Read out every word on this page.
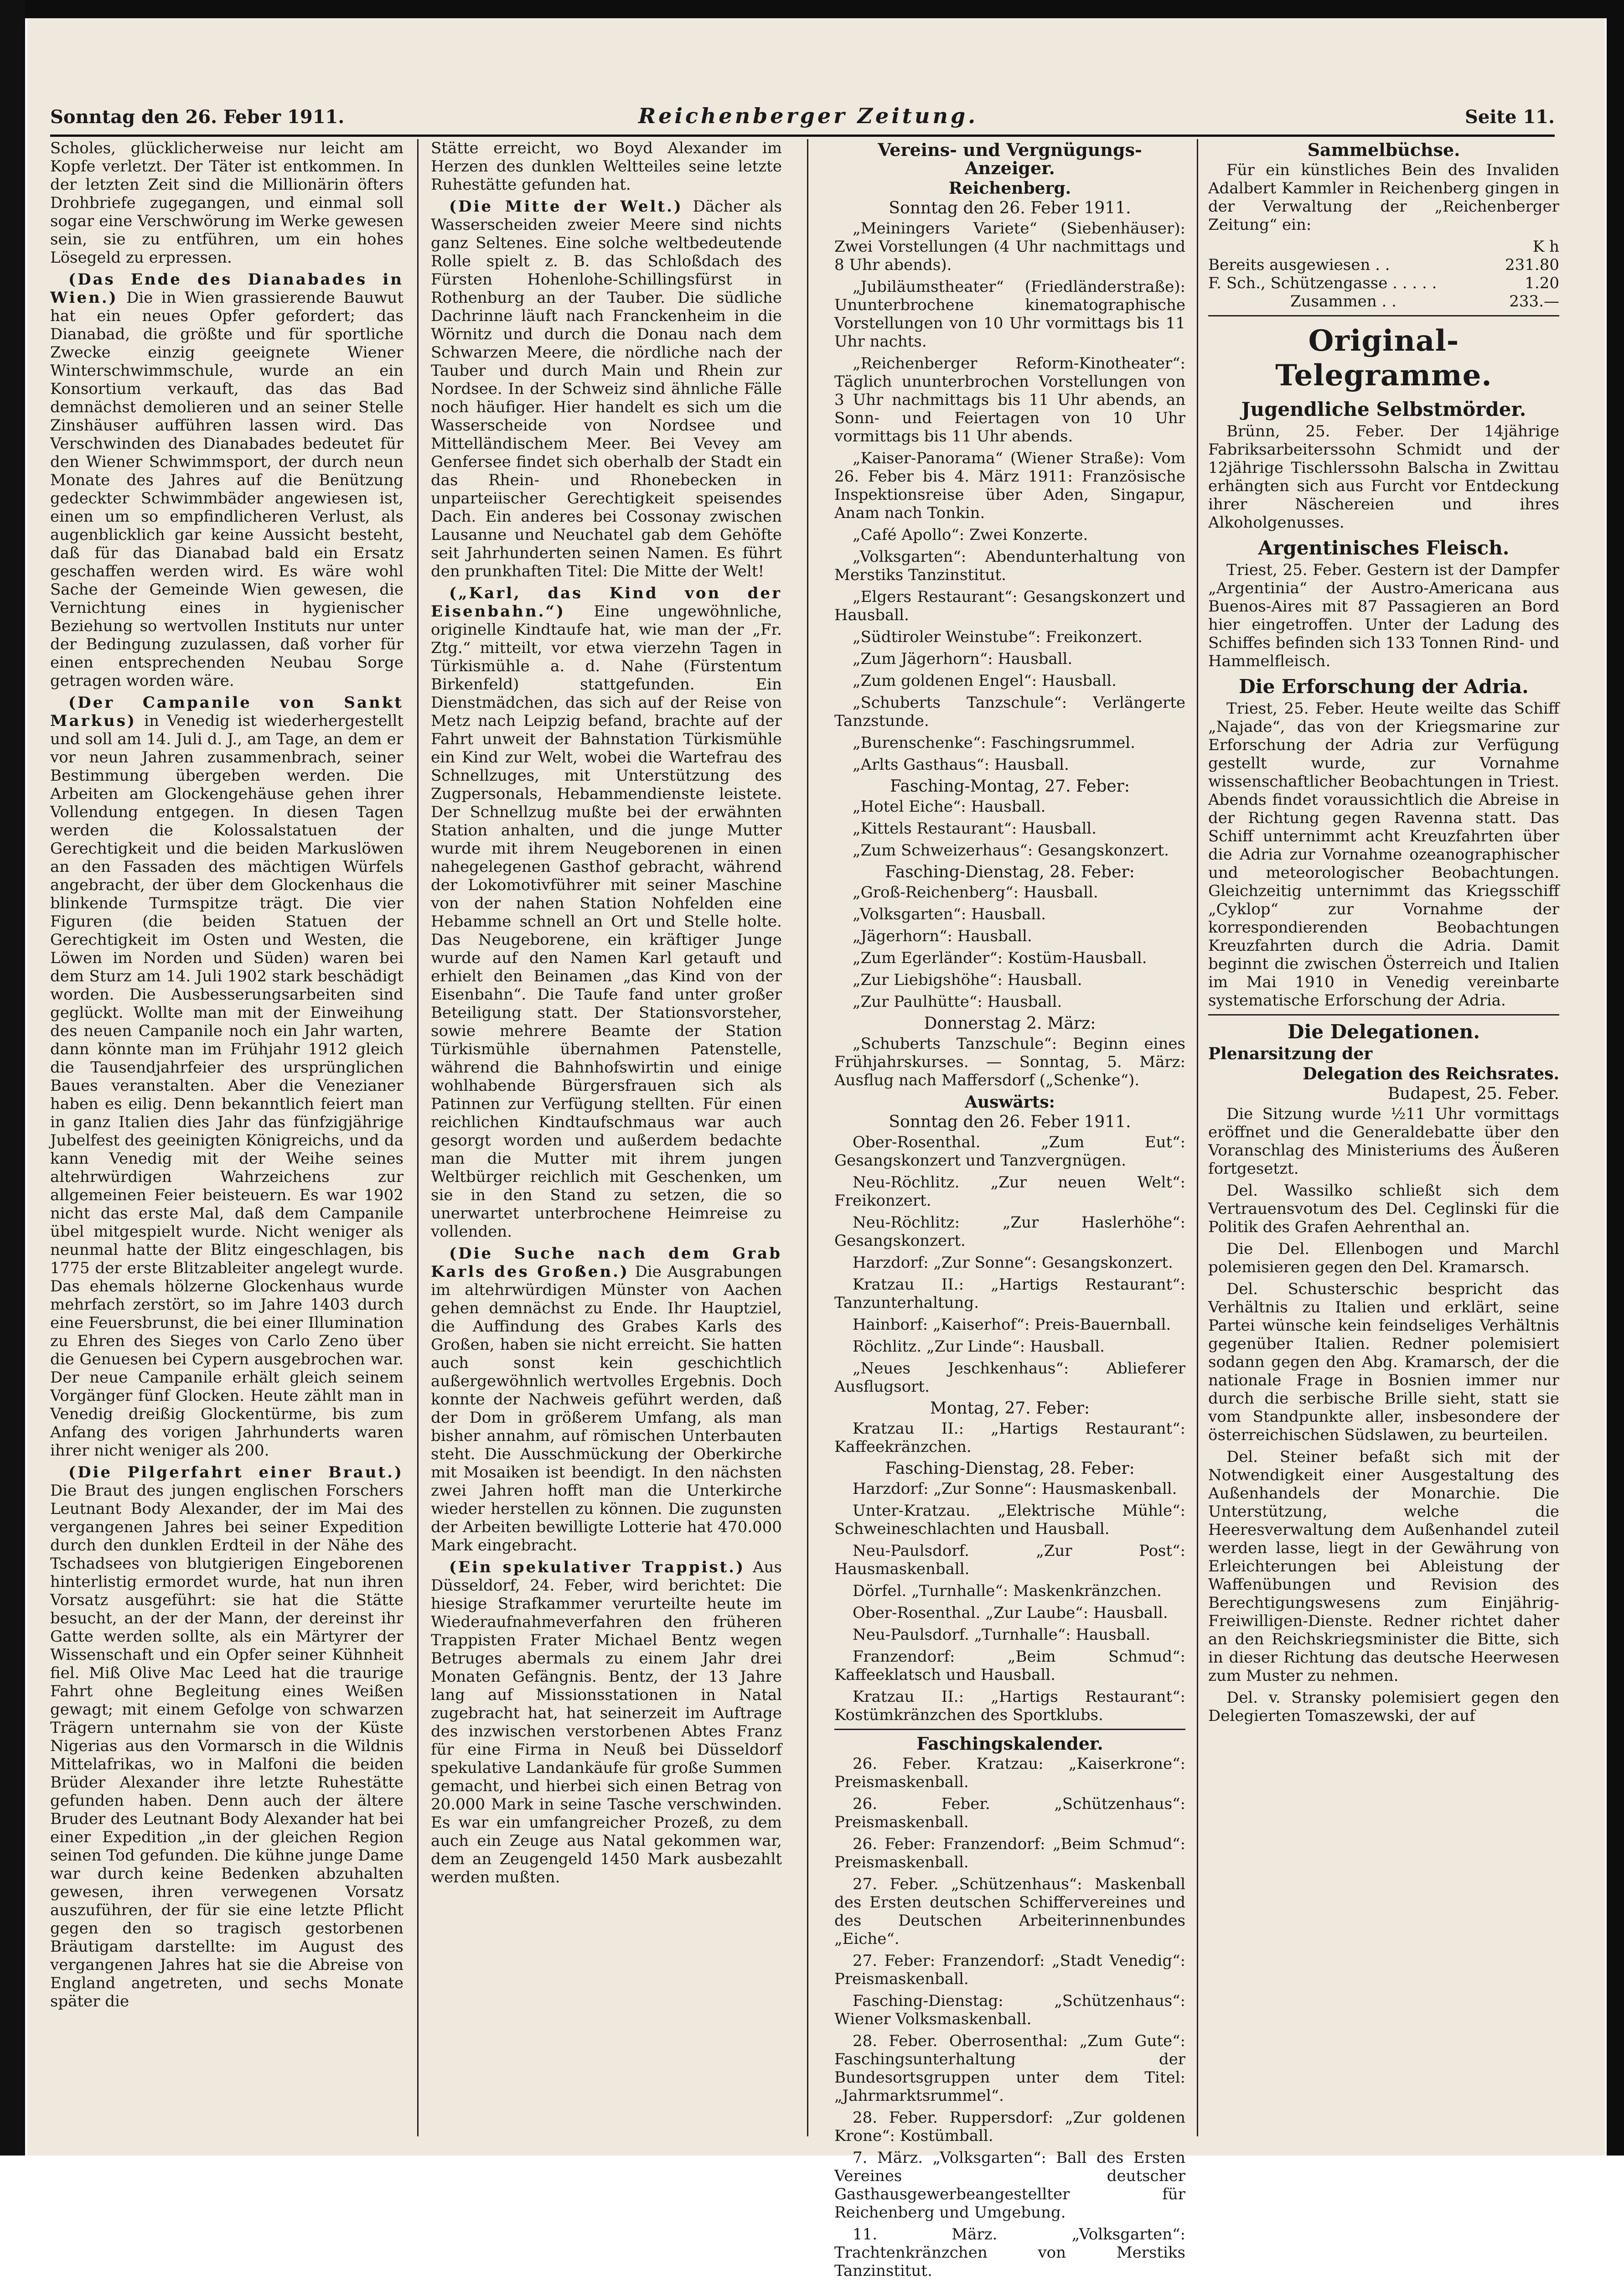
Sonntag den 26. Feber 1911.	Reichenberger Zeitung.	Seite 11.

Scholes, glücklicherweise nur leicht am Kopfe verletzt. Der Täter ist entkommen. In der letzten Zeit sind die Millionärin öfters Drohbriefe zugegangen, und einmal soll sogar eine Verschwörung im Werke gewesen sein, sie zu entführen, um ein hohes Lösegeld zu erpressen.

(Das Ende des Dianabades in Wien.) Die in Wien grassierende Bauwut hat ein neues Opfer gefordert; das Dianabad, die größte und für sportliche Zwecke einzig geeignete Wiener Winterschwimmschule, wurde an ein Konsortium verkauft, das das Bad demnächst demolieren und an seiner Stelle Zinshäuser aufführen lassen wird. Das Verschwinden des Dianabades bedeutet für den Wiener Schwimmsport, der durch neun Monate des Jahres auf die Benützung gedeckter Schwimmbäder angewiesen ist, einen um so empfindlicheren Verlust, als augenblicklich gar keine Aussicht besteht, daß für das Dianabad bald ein Ersatz geschaffen werden wird. Es wäre wohl Sache der Gemeinde Wien gewesen, die Vernichtung eines in hygienischer Beziehung so wertvollen Instituts nur unter der Bedingung zuzulassen, daß vorher für einen entsprechenden Neubau Sorge getragen worden wäre.

(Der Campanile von Sankt Markus) in Venedig ist wiederhergestellt und soll am 14. Juli d. J., am Tage, an dem er vor neun Jahren zusammenbrach, seiner Bestimmung übergeben werden. Die Arbeiten am Glockengehäuse gehen ihrer Vollendung entgegen. In diesen Tagen werden die Kolossalstatuen der Gerechtigkeit und die beiden Markuslöwen an den Fassaden des mächtigen Würfels angebracht, der über dem Glockenhaus die blinkende Turmspitze trägt. Die vier Figuren (die beiden Statuen der Gerechtigkeit im Osten und Westen, die Löwen im Norden und Süden) waren bei dem Sturz am 14. Juli 1902 stark beschädigt worden. Die Ausbesserungsarbeiten sind geglückt. Wollte man mit der Einweihung des neuen Campanile noch ein Jahr warten, dann könnte man im Frühjahr 1912 gleich die Tausendjahrfeier des ursprünglichen Baues veranstalten. Aber die Venezianer haben es eilig. Denn bekanntlich feiert man in ganz Italien dies Jahr das fünfzigjährige Jubelfest des geeinigten Königreichs, und da kann Venedig mit der Weihe seines altehrwürdigen Wahrzeichens zur allgemeinen Feier beisteuern. Es war 1902 nicht das erste Mal, daß dem Campanile übel mitgespielt wurde. Nicht weniger als neunmal hatte der Blitz eingeschlagen, bis 1775 der erste Blitzableiter angelegt wurde. Das ehemals hölzerne Glockenhaus wurde mehrfach zerstört, so im Jahre 1403 durch eine Feuersbrunst, die bei einer Illumination zu Ehren des Sieges von Carlo Zeno über die Genuesen bei Cypern ausgebrochen war. Der neue Campanile erhält gleich seinem Vorgänger fünf Glocken. Heute zählt man in Venedig dreißig Glockentürme, bis zum Anfang des vorigen Jahrhunderts waren ihrer nicht weniger als 200.

(Die Pilgerfahrt einer Braut.) Die Braut des jungen englischen Forschers Leutnant Body Alexander, der im Mai des vergangenen Jahres bei seiner Expedition durch den dunklen Erdteil in der Nähe des Tschadsees von blutgierigen Eingeborenen hinterlistig ermordet wurde, hat nun ihren Vorsatz ausgeführt: sie hat die Stätte besucht, an der der Mann, der dereinst ihr Gatte werden sollte, als ein Märtyrer der Wissenschaft und ein Opfer seiner Kühnheit fiel. Miß Olive Mac Leed hat die traurige Fahrt ohne Begleitung eines Weißen gewagt; mit einem Gefolge von schwarzen Trägern unternahm sie von der Küste Nigerias aus den Vormarsch in die Wildnis Mittelafrikas, wo in Malfoni die beiden Brüder Alexander ihre letzte Ruhestätte gefunden haben. Denn auch der ältere Bruder des Leutnant Body Alexander hat bei einer Expedition „in der gleichen Region seinen Tod gefunden. Die kühne junge Dame war durch keine Bedenken abzuhalten gewesen, ihren verwegenen Vorsatz auszuführen, der für sie eine letzte Pflicht gegen den so tragisch gestorbenen Bräutigam darstellte: im August des vergangenen Jahres hat sie die Abreise von England angetreten, und sechs Monate später die

Stätte erreicht, wo Boyd Alexander im Herzen des dunklen Weltteiles seine letzte Ruhestätte gefunden hat.

(Die Mitte der Welt.) Dächer als Wasserscheiden zweier Meere sind nichts ganz Seltenes. Eine solche weltbedeutende Rolle spielt z. B. das Schloßdach des Fürsten Hohenlohe-Schillingsfürst in Rothenburg an der Tauber. Die südliche Dachrinne läuft nach Franckenheim in die Wörnitz und durch die Donau nach dem Schwarzen Meere, die nördliche nach der Tauber und durch Main und Rhein zur Nordsee. In der Schweiz sind ähnliche Fälle noch häufiger. Hier handelt es sich um die Wasserscheide von Nordsee und Mittelländischem Meer. Bei Vevey am Genfersee findet sich oberhalb der Stadt ein das Rhein- und Rhonebecken in unparteiischer Gerechtigkeit speisendes Dach. Ein anderes bei Cossonay zwischen Lausanne und Neuchatel gab dem Gehöfte seit Jahrhunderten seinen Namen. Es führt den prunkhaften Titel: Die Mitte der Welt!

(„Karl, das Kind von der Eisenbahn.“) Eine ungewöhnliche, originelle Kindtaufe hat, wie man der „Fr. Ztg.“ mitteilt, vor etwa vierzehn Tagen in Türkismühle a. d. Nahe (Fürstentum Birkenfeld) stattgefunden. Ein Dienstmädchen, das sich auf der Reise von Metz nach Leipzig befand, brachte auf der Fahrt unweit der Bahnstation Türkismühle ein Kind zur Welt, wobei die Wartefrau des Schnellzuges, mit Unterstützung des Zugpersonals, Hebammendienste leistete. Der Schnellzug mußte bei der erwähnten Station anhalten, und die junge Mutter wurde mit ihrem Neugeborenen in einen nahegelegenen Gasthof gebracht, während der Lokomotivführer mit seiner Maschine von der nahen Station Nohfelden eine Hebamme schnell an Ort und Stelle holte. Das Neugeborene, ein kräftiger Junge wurde auf den Namen Karl getauft und erhielt den Beinamen „das Kind von der Eisenbahn“. Die Taufe fand unter großer Beteiligung statt. Der Stationsvorsteher, sowie mehrere Beamte der Station Türkismühle übernahmen Patenstelle, während die Bahnhofswirtin und einige wohlhabende Bürgersfrauen sich als Patinnen zur Verfügung stellten. Für einen reichlichen Kindtaufschmaus war auch gesorgt worden und außerdem bedachte man die Mutter mit ihrem jungen Weltbürger reichlich mit Geschenken, um sie in den Stand zu setzen, die so unerwartet unterbrochene Heimreise zu vollenden.

(Die Suche nach dem Grab Karls des Großen.) Die Ausgrabungen im altehrwürdigen Münster von Aachen gehen demnächst zu Ende. Ihr Hauptziel, die Auffindung des Grabes Karls des Großen, haben sie nicht erreicht. Sie hatten auch sonst kein geschichtlich außergewöhnlich wertvolles Ergebnis. Doch konnte der Nachweis geführt werden, daß der Dom in größerem Umfang, als man bisher annahm, auf römischen Unterbauten steht. Die Ausschmückung der Oberkirche mit Mosaiken ist beendigt. In den nächsten zwei Jahren hofft man die Unterkirche wieder herstellen zu können. Die zugunsten der Arbeiten bewilligte Lotterie hat 470.000 Mark eingebracht.

(Ein spekulativer Trappist.) Aus Düsseldorf, 24. Feber, wird berichtet: Die hiesige Strafkammer verurteilte heute im Wiederaufnahmeverfahren den früheren Trappisten Frater Michael Bentz wegen Betruges abermals zu einem Jahr drei Monaten Gefängnis. Bentz, der 13 Jahre lang auf Missionsstationen in Natal zugebracht hat, hat seinerzeit im Auftrage des inzwischen verstorbenen Abtes Franz für eine Firma in Neuß bei Düsseldorf spekulative Landankäufe für große Summen gemacht, und hierbei sich einen Betrag von 20.000 Mark in seine Tasche verschwinden. Es war ein umfangreicher Prozeß, zu dem auch ein Zeuge aus Natal gekommen war, dem an Zeugengeld 1450 Mark ausbezahlt werden mußten.

Vereins- und Vergnügungs-Anzeiger.
Reichenberg.
Sonntag den 26. Feber 1911.

„Meiningers Variete“ (Siebenhäuser): Zwei Vorstellungen (4 Uhr nachmittags und 8 Uhr abends).

„Jubiläumstheater“ (Friedländerstraße): Ununterbrochene kinematographische Vorstellungen von 10 Uhr vormittags bis 11 Uhr nachts.

„Reichenberger Reform-Kinotheater“: Täglich ununterbrochen Vorstellungen von 3 Uhr nachmittags bis 11 Uhr abends, an Sonn- und Feiertagen von 10 Uhr vormittags bis 11 Uhr abends.

„Kaiser-Panorama“ (Wiener Straße): Vom 26. Feber bis 4. März 1911: Französische Inspektionsreise über Aden, Singapur, Anam nach Tonkin.

„Café Apollo“: Zwei Konzerte.

„Volksgarten“: Abendunterhaltung von Merstiks Tanzinstitut.

„Elgers Restaurant“: Gesangskonzert und Hausball.

„Südtiroler Weinstube“: Freikonzert.

„Zum Jägerhorn“: Hausball.

„Zum goldenen Engel“: Hausball.

„Schuberts Tanzschule“: Verlängerte Tanzstunde.

„Burenschenke“: Faschingsrummel.

„Arlts Gasthaus“: Hausball.

Fasching-Montag, 27. Feber:

„Hotel Eiche“: Hausball.

„Kittels Restaurant“: Hausball.

„Zum Schweizerhaus“: Gesangskonzert.

Fasching-Dienstag, 28. Feber:

„Groß-Reichenberg“: Hausball.

„Volksgarten“: Hausball.

„Jägerhorn“: Hausball.

„Zum Egerländer“: Kostüm-Hausball.

„Zur Liebigshöhe“: Hausball.

„Zur Paulhütte“: Hausball.

Donnerstag 2. März:

„Schuberts Tanzschule“: Beginn eines Frühjahrskurses. — Sonntag, 5. März: Ausflug nach Maffersdorf („Schenke“).

Auswärts:
Sonntag den 26. Feber 1911.

Ober-Rosenthal. „Zum Eut“: Gesangskonzert und Tanzvergnügen.

Neu-Röchlitz. „Zur neuen Welt“: Freikonzert.

Neu-Röchlitz: „Zur Haslerhöhe“: Gesangskonzert.

Harzdorf: „Zur Sonne“: Gesangskonzert.

Kratzau II.: „Hartigs Restaurant“: Tanzunterhaltung.

Hainborf: „Kaiserhof“: Preis-Bauernball.

Röchlitz. „Zur Linde“: Hausball.

„Neues Jeschkenhaus“: Ablieferer Ausflugsort.

Montag, 27. Feber:

Kratzau II.: „Hartigs Restaurant“: Kaffeekränzchen.

Fasching-Dienstag, 28. Feber:

Harzdorf: „Zur Sonne“: Hausmaskenball.

Unter-Kratzau. „Elektrische Mühle“: Schweineschlachten und Hausball.

Neu-Paulsdorf. „Zur Post“: Hausmaskenball.

Dörfel. „Turnhalle“: Maskenkränzchen.

Ober-Rosenthal. „Zur Laube“: Hausball.

Neu-Paulsdorf. „Turnhalle“: Hausball.

Franzendorf: „Beim Schmud“: Kaffeeklatsch und Hausball.

Kratzau II.: „Hartigs Restaurant“: Kostümkränzchen des Sportklubs.

Faschingskalender.

26. Feber. Kratzau: „Kaiserkrone“: Preismaskenball.

26. Feber. „Schützenhaus“: Preismaskenball.

26. Feber: Franzendorf: „Beim Schmud“: Preismaskenball.

27. Feber. „Schützenhaus“: Maskenball des Ersten deutschen Schiffervereines und des Deutschen Arbeiterinnenbundes „Eiche“.

27. Feber: Franzendorf: „Stadt Venedig“: Preismaskenball.

Fasching-Dienstag: „Schützenhaus“: Wiener Volksmaskenball.

28. Feber. Oberrosenthal: „Zum Gute“: Faschingsunterhaltung der Bundesortsgruppen unter dem Titel: „Jahrmarktsrummel“.

28. Feber. Ruppersdorf: „Zur goldenen Krone“: Kostümball.

7. März. „Volksgarten“: Ball des Ersten Vereines deutscher Gasthausgewerbeangestellter für Reichenberg und Umgebung.

11. März. „Volksgarten“: Trachtenkränzchen von Merstiks Tanzinstitut.

Sammelbüchse.

Für ein künstliches Bein des Invaliden Adalbert Kammler in Reichenberg gingen in der Verwaltung der „Reichenberger Zeitung“ ein:

	K h
Bereits ausgewiesen . .	231.80
F. Sch., Schützengasse . . . . .	1.20
Zusammen . .	233.—
Original-Telegramme.
Jugendliche Selbstmörder.

Brünn, 25. Feber. Der 14jährige Fabriksarbeiterssohn Schmidt und der 12jährige Tischlerssohn Balscha in Zwittau erhängten sich aus Furcht vor Entdeckung ihrer Näschereien und ihres Alkoholgenusses.

Argentinisches Fleisch.

Triest, 25. Feber. Gestern ist der Dampfer „Argentinia“ der Austro-Americana aus Buenos-Aires mit 87 Passagieren an Bord hier eingetroffen. Unter der Ladung des Schiffes befinden sich 133 Tonnen Rind- und Hammelfleisch.

Die Erforschung der Adria.

Triest, 25. Feber. Heute weilte das Schiff „Najade“, das von der Kriegsmarine zur Erforschung der Adria zur Verfügung gestellt wurde, zur Vornahme wissenschaftlicher Beobachtungen in Triest. Abends findet voraussichtlich die Abreise in der Richtung gegen Ravenna statt. Das Schiff unternimmt acht Kreuzfahrten über die Adria zur Vornahme ozeanographischer und meteorologischer Beobachtungen. Gleichzeitig unternimmt das Kriegsschiff „Cyklop“ zur Vornahme der korrespondierenden Beobachtungen Kreuzfahrten durch die Adria. Damit beginnt die zwischen Österreich und Italien im Mai 1910 in Venedig vereinbarte systematische Erforschung der Adria.

Die Delegationen.
Plenarsitzung der
Delegation des Reichsrates.
Budapest, 25. Feber.

Die Sitzung wurde ½11 Uhr vormittags eröffnet und die Generaldebatte über den Voranschlag des Ministeriums des Äußeren fortgesetzt.

Del. Wassilko schließt sich dem Vertrauensvotum des Del. Ceglinski für die Politik des Grafen Aehrenthal an.

Die Del. Ellenbogen und Marchl polemisieren gegen den Del. Kramarsch.

Del. Schusterschic bespricht das Verhältnis zu Italien und erklärt, seine Partei wünsche kein feindseliges Verhältnis gegenüber Italien. Redner polemisiert sodann gegen den Abg. Kramarsch, der die nationale Frage in Bosnien immer nur durch die serbische Brille sieht, statt sie vom Standpunkte aller, insbesondere der österreichischen Südslawen, zu beurteilen.

Del. Steiner befaßt sich mit der Notwendigkeit einer Ausgestaltung des Außenhandels der Monarchie. Die Unterstützung, welche die Heeresverwaltung dem Außenhandel zuteil werden lasse, liegt in der Gewährung von Erleichterungen bei Ableistung der Waffenübungen und Revision des Berechtigungswesens zum Einjährig-Freiwilligen-Dienste. Redner richtet daher an den Reichskriegsminister die Bitte, sich in dieser Richtung das deutsche Heerwesen zum Muster zu nehmen.

Del. v. Stransky polemisiert gegen den Delegierten Tomaszewski, der auf
